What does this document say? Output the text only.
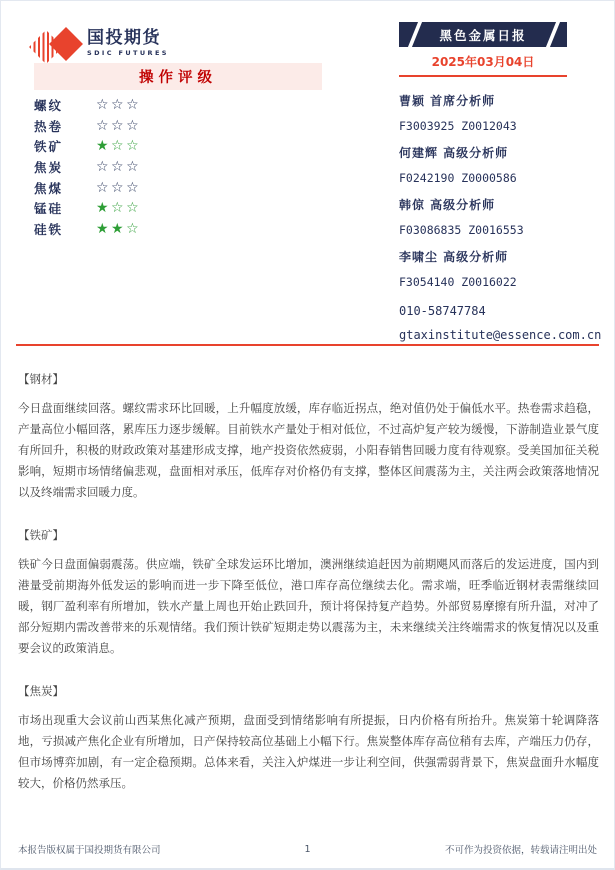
国投期货
SDIC FUTURES
黑色金属日报
2025年03月04日
操作评级
螺纹	☆☆☆
热卷	☆☆☆
铁矿	★☆☆
焦炭	☆☆☆
焦煤	☆☆☆
锰硅	★☆☆
硅铁	★★☆
曹颖 首席分析师
F3003925 Z0012043
何建辉 高级分析师
F0242190 Z0000586
韩倞 高级分析师
F03086835 Z0016553
李啸尘 高级分析师
F3054140 Z0016022
010-58747784
gtaxinstitute@essence.com.cn
【钢材】
今日盘面继续回落。螺纹需求环比回暖，上升幅度放缓，库存临近拐点，绝对值仍处于偏低水平。热卷需求趋稳，产量高位小幅回落，累库压力逐步缓解。目前铁水产量处于相对低位，不过高炉复产较为缓慢，下游制造业景气度有所回升，积极的财政政策对基建形成支撑，地产投资依然疲弱，小阳春销售回暖力度有待观察。受美国加征关税影响，短期市场情绪偏悲观，盘面相对承压，低库存对价格仍有支撑，整体区间震荡为主，关注两会政策落地情况以及终端需求回暖力度。
【铁矿】
铁矿今日盘面偏弱震荡。供应端，铁矿全球发运环比增加，澳洲继续追赶因为前期飓风而落后的发运进度，国内到港量受前期海外低发运的影响而进一步下降至低位，港口库存高位继续去化。需求端，旺季临近钢材表需继续回暖，钢厂盈利率有所增加，铁水产量上周也开始止跌回升，预计将保持复产趋势。外部贸易摩擦有所升温，对冲了部分短期内需改善带来的乐观情绪。我们预计铁矿短期走势以震荡为主，未来继续关注终端需求的恢复情况以及重要会议的政策消息。
【焦炭】
市场出现重大会议前山西某焦化减产预期，盘面受到情绪影响有所提振，日内价格有所抬升。焦炭第十轮调降落地，亏损减产焦化企业有所增加，日产保持较高位基础上小幅下行。焦炭整体库存高位稍有去库，产端压力仍存，但市场博弈加剧，有一定企稳预期。总体来看，关注入炉煤进一步让利空间，供强需弱背景下，焦炭盘面升水幅度较大，价格仍然承压。
1
本报告版权属于国投期货有限公司	不可作为投资依据，转载请注明出处
